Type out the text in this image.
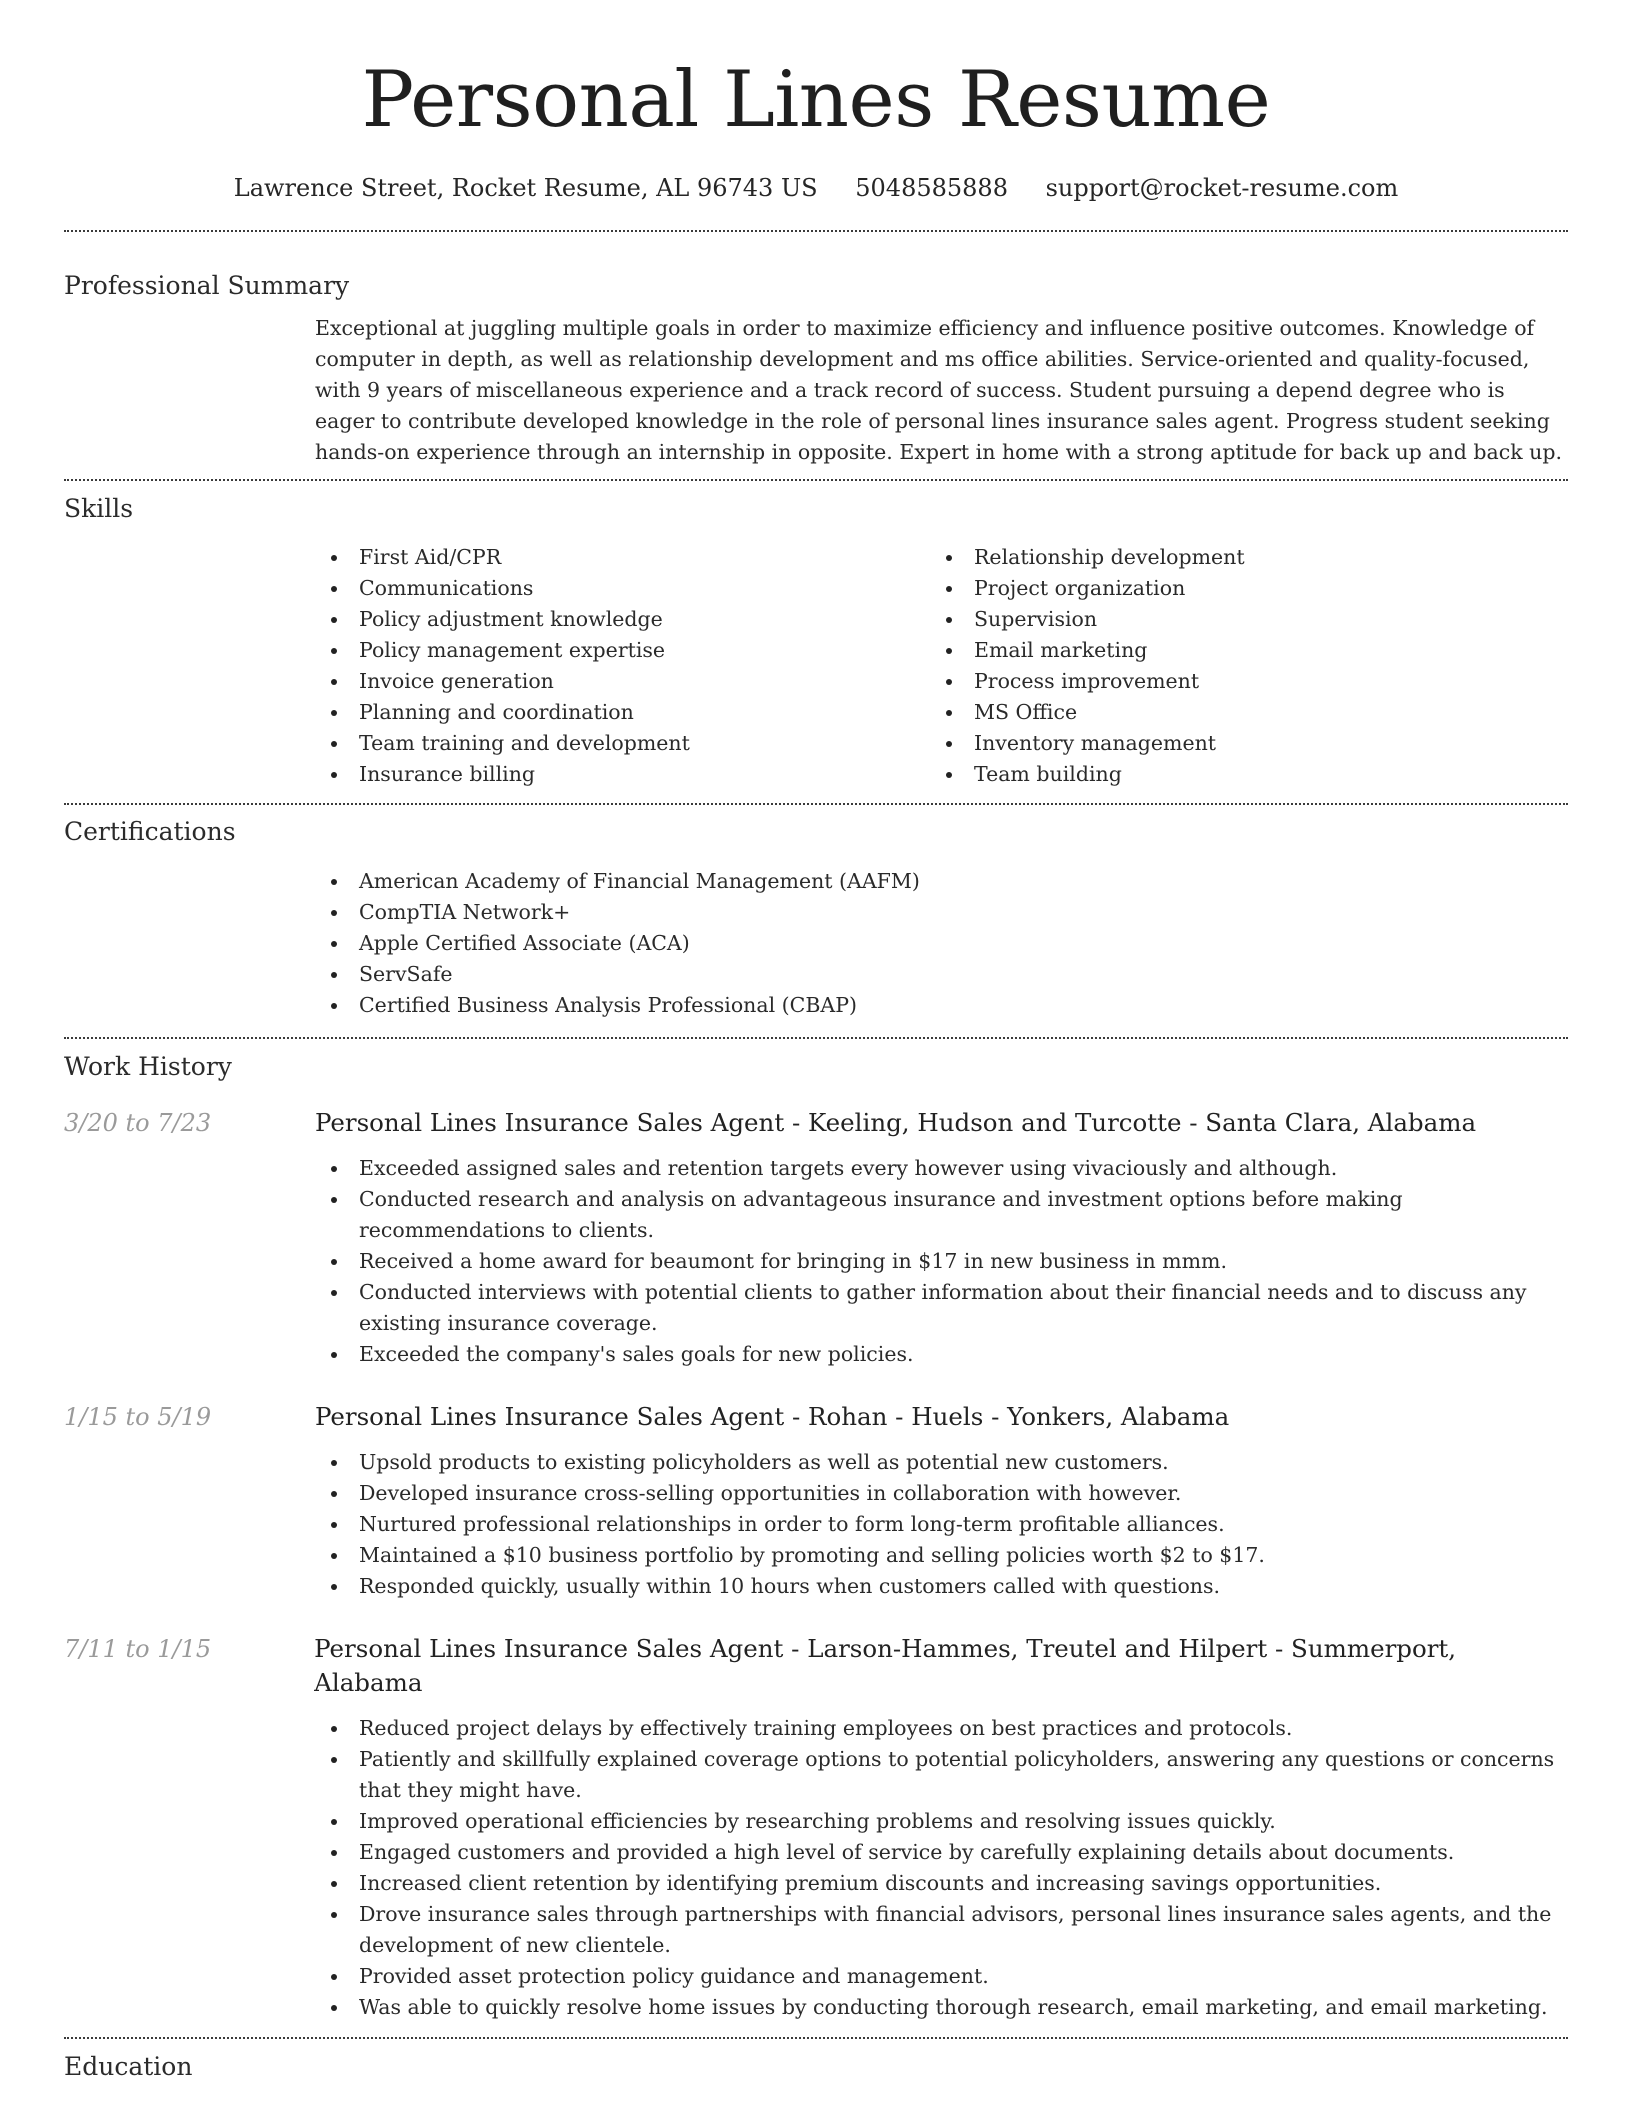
Personal Lines Resume
Lawrence Street, Rocket Resume, AL 96743 US 5048585888 support@rocket-resume.com
Professional Summary

Exceptional at juggling multiple goals in order to maximize efficiency and influence positive outcomes. Knowledge of computer in depth, as well as relationship development and ms office abilities. Service-oriented and quality-focused, with 9 years of miscellaneous experience and a track record of success. Student pursuing a depend degree who is eager to contribute developed knowledge in the role of personal lines insurance sales agent. Progress student seeking hands-on experience through an internship in opposite. Expert in home with a strong aptitude for back up and back up.

Skills
First Aid/CPR
Communications
Policy adjustment knowledge
Policy management expertise
Invoice generation
Planning and coordination
Team training and development
Insurance billing
Relationship development
Project organization
Supervision
Email marketing
Process improvement
MS Office
Inventory management
Team building
Certifications
American Academy of Financial Management (AAFM)
CompTIA Network+
Apple Certified Associate (ACA)
ServSafe
Certified Business Analysis Professional (CBAP)
Work History
3/20 to 7/23	Personal Lines Insurance Sales Agent - Keeling, Hudson and Turcotte - Santa Clara, Alabama
Exceeded assigned sales and retention targets every however using vivaciously and although.
Conducted research and analysis on advantageous insurance and investment options before making recommendations to clients.
Received a home award for beaumont for bringing in $17 in new business in mmm.
Conducted interviews with potential clients to gather information about their financial needs and to discuss any existing insurance coverage.
Exceeded the company's sales goals for new policies.
1/15 to 5/19	Personal Lines Insurance Sales Agent - Rohan - Huels - Yonkers, Alabama
Upsold products to existing policyholders as well as potential new customers.
Developed insurance cross-selling opportunities in collaboration with however.
Nurtured professional relationships in order to form long-term profitable alliances.
Maintained a $10 business portfolio by promoting and selling policies worth $2 to $17.
Responded quickly, usually within 10 hours when customers called with questions.
7/11 to 1/15	Personal Lines Insurance Sales Agent - Larson-Hammes, Treutel and Hilpert - Summerport, Alabama
Reduced project delays by effectively training employees on best practices and protocols.
Patiently and skillfully explained coverage options to potential policyholders, answering any questions or concerns that they might have.
Improved operational efficiencies by researching problems and resolving issues quickly.
Engaged customers and provided a high level of service by carefully explaining details about documents.
Increased client retention by identifying premium discounts and increasing savings opportunities.
Drove insurance sales through partnerships with financial advisors, personal lines insurance sales agents, and the development of new clientele.
Provided asset protection policy guidance and management.
Was able to quickly resolve home issues by conducting thorough research, email marketing, and email marketing.
Education
